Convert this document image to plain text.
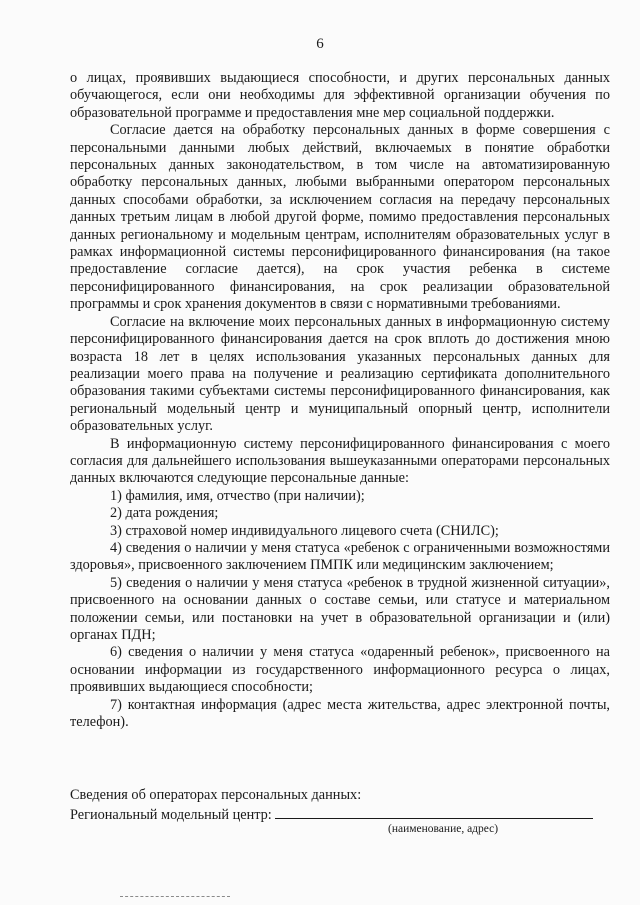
6

о лицах, проявивших выдающиеся способности, и других персональных данных обучающегося, если они необходимы для эффективной организации обучения по образовательной программе и предоставления мне мер социальной поддержки.

Согласие дается на обработку персональных данных в форме совершения с персональными данными любых действий, включаемых в понятие обработки персональных данных законодательством, в том числе на автоматизированную обработку персональных данных, любыми выбранными оператором персональных данных способами обработки, за исключением согласия на передачу персональных данных третьим лицам в любой другой форме, помимо предоставления персональных данных региональному и модельным центрам, исполнителям образовательных услуг в рамках информационной системы персонифицированного финансирования (на такое предоставление согласие дается), на срок участия ребенка в системе персонифицированного финансирования, на срок реализации образовательной программы и срок хранения документов в связи с нормативными требованиями.

Согласие на включение моих персональных данных в информационную систему персонифицированного финансирования дается на срок вплоть до достижения мною возраста 18 лет в целях использования указанных персональных данных для реализации моего права на получение и реализацию сертификата дополнительного образования такими субъектами системы персонифицированного финансирования, как региональный модельный центр и муниципальный опорный центр, исполнители образовательных услуг.

В информационную систему персонифицированного финансирования с моего согласия для дальнейшего использования вышеуказанными операторами персональных данных включаются следующие персональные данные:

1) фамилия, имя, отчество (при наличии);

2) дата рождения;

3) страховой номер индивидуального лицевого счета (СНИЛС);

4) сведения о наличии у меня статуса «ребенок с ограниченными возможностями здоровья», присвоенного заключением ПМПК или медицинским заключением;

5) сведения о наличии у меня статуса «ребенок в трудной жизненной ситуации», присвоенного на основании данных о составе семьи, или статусе и материальном положении семьи, или постановки на учет в образовательной организации и (или) органах ПДН;

6) сведения о наличии у меня статуса «одаренный ребенок», присвоенного на основании информации из государственного информационного ресурса о лицах, проявивших выдающиеся способности;

7) контактная информация (адрес места жительства, адрес электронной почты, телефон).

Сведения об операторах персональных данных:

Региональный модельный центр:

(наименование, адрес)
